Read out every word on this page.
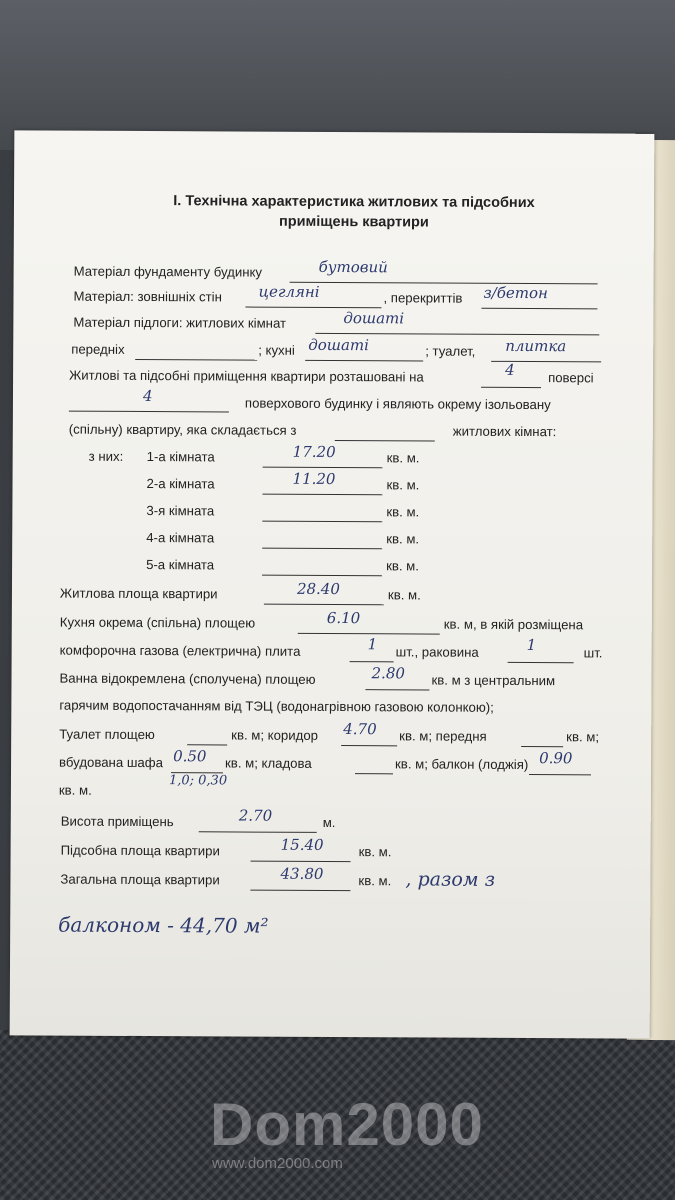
І. Технічна характеристика житлових та підсобних
приміщень квартири
Матеріал фундаменту будинку	бутовий
Матеріал: зовнішніх стін цегляні	, перекриттів з/бетон
Матеріал підлоги: житлових кімнат	дошаті
передніх	; кухні дошаті	; туалет, плитка
Житлові та підсобні приміщення квартири розташовані на	4	поверсі
4	поверхового будинку і являють окрему ізольовану
(спільну) квартиру, яка складається з	житлових кімнат:
з них: 1-а кімната	17.20	кв. м.
2-а кімната	11.20	кв. м.
3-я кімната	кв. м.
4-а кімната	кв. м.
5-а кімната	кв. м.
Житлова площа квартири	28.40	кв. м.
Кухня окрема (спільна) площею	6.10	кв. м, в якій розміщена
комфорочна газова (електрична) плита	1 шт., раковина	1	шт.
Ванна відокремлена (сполучена) площею	2.80 кв. м з центральним
гарячим водопостачанням від ТЭЦ (водонагрівною газовою колонкою);
Туалет площею	кв. м; коридор 4.70 кв. м; передня	кв. м;
вбудована шафа 0.50 кв. м; кладова	кв. м; балкон (лоджія) 0.90
1,0; 0,30
кв. м.
Висота приміщень	2.70	м.
Підсобна площа квартири	15.40	кв. м.
Загальна площа квартири	43.80	кв. м. , разом з
балконом - 44,70 м²
Dom2000
www.dom2000.com
